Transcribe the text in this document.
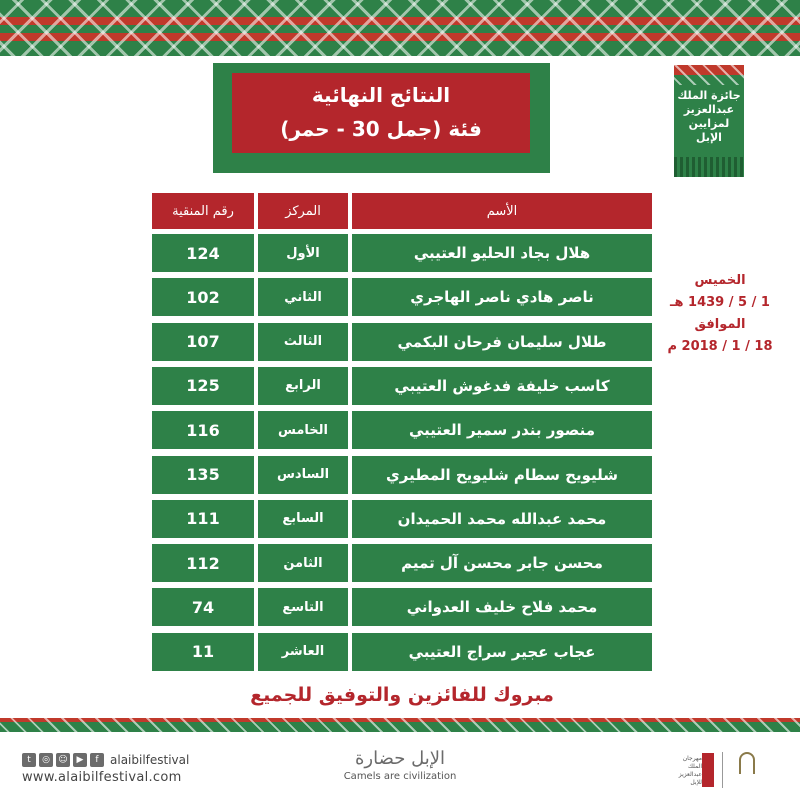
النتائج النهائية
فئة (جمل 30 - حمر)
جائزة الملك
عبدالعزيز
لمزايين الإبل
رقم المنقية	المركز	الأسم
124	الأول	هلال بجاد الحليو العتيبي
102	الثاني	ناصر هادي ناصر الهاجري
107	الثالث	طلال سليمان فرحان البكمي
125	الرابع	كاسب خليفة فدغوش العتيبي
116	الخامس	منصور بندر سمير العتيبي
135	السادس	شليويح سطام شليويح المطيري
111	السابع	محمد عبدالله محمد الحميدان
112	الثامن	محسن جابر محسن آل تميم
74	التاسع	محمد فلاح خليف العدواني
11	العاشر	عجاب عجير سراج العتيبي
الخميس
1 / 5 / 1439 هـ
الموافق
18 / 1 / 2018 م
مبروك للفائزين والتوفيق للجميع
t	◎ ☺ ▶	f alaibilfestival
www.alaibilfestival.com
الإبل حضارة
Camels are civilization
مهرجان الملك عبدالعزيز للإبل
